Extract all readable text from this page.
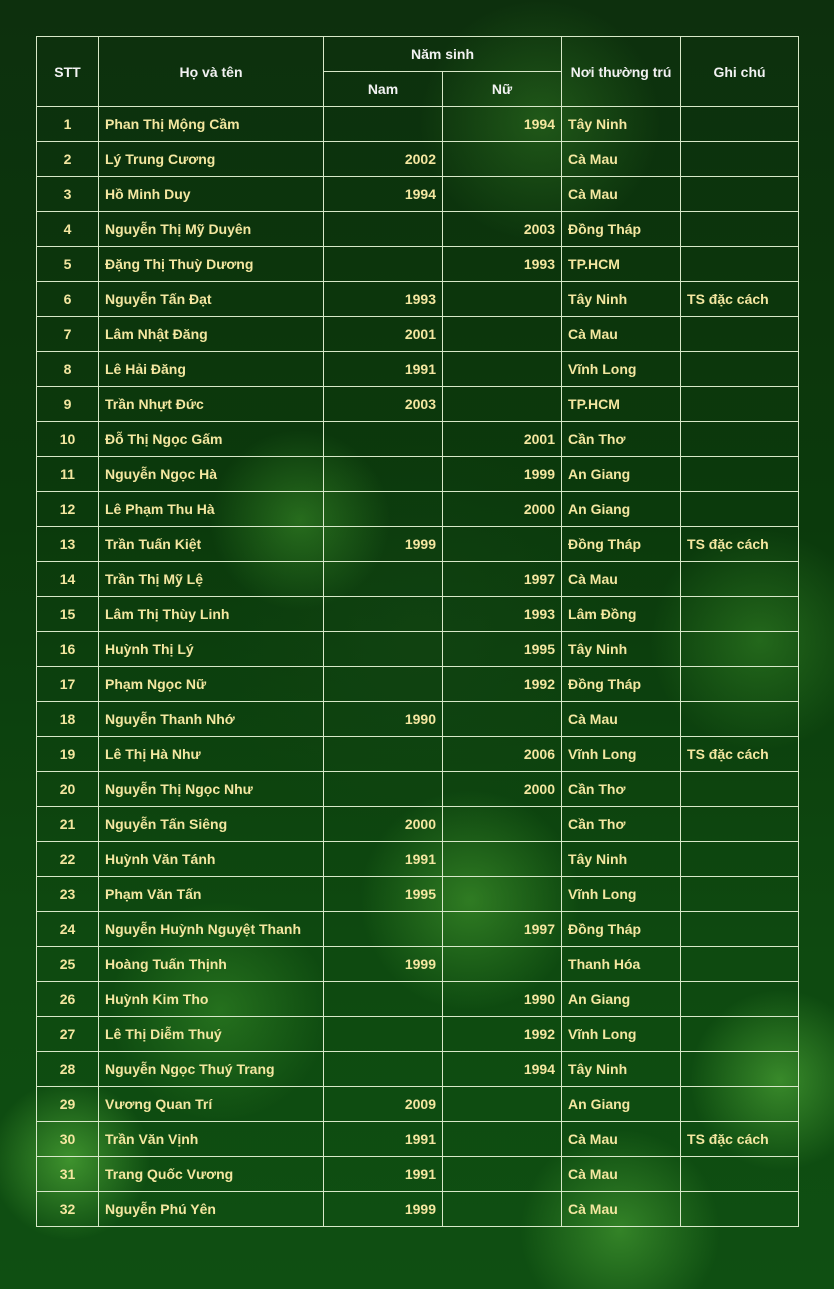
STT	Họ và tên	Năm sinh		Nơi thường trú	Ghi chú
		Nam	Nữ		
1	Phan Thị Mộng Cầm		1994	Tây Ninh	
2	Lý Trung Cương	2002		Cà Mau	
3	Hồ Minh Duy	1994		Cà Mau	
4	Nguyễn Thị Mỹ Duyên		2003	Đồng Tháp	
5	Đặng Thị Thuỳ Dương		1993	TP.HCM	
6	Nguyễn Tấn Đạt	1993		Tây Ninh	TS đặc cách
7	Lâm Nhật Đăng	2001		Cà Mau	
8	Lê Hải Đăng	1991		Vĩnh Long	
9	Trần Nhựt Đức	2003		TP.HCM	
10	Đỗ Thị Ngọc Gấm		2001	Cần Thơ	
11	Nguyễn Ngọc Hà		1999	An Giang	
12	Lê Phạm Thu Hà		2000	An Giang	
13	Trần Tuấn Kiệt	1999		Đồng Tháp	TS đặc cách
14	Trần Thị Mỹ Lệ		1997	Cà Mau	
15	Lâm Thị Thùy Linh		1993	Lâm Đồng	
16	Huỳnh Thị Lý		1995	Tây Ninh	
17	Phạm Ngọc Nữ		1992	Đồng Tháp	
18	Nguyễn Thanh Nhớ	1990		Cà Mau	
19	Lê Thị Hà Như		2006	Vĩnh Long	TS đặc cách
20	Nguyễn Thị Ngọc Như		2000	Cần Thơ	
21	Nguyễn Tấn Siêng	2000		Cần Thơ	
22	Huỳnh Văn Tánh	1991		Tây Ninh	
23	Phạm Văn Tấn	1995		Vĩnh Long	
24	Nguyễn Huỳnh Nguyệt Thanh		1997	Đồng Tháp	
25	Hoàng Tuấn Thịnh	1999		Thanh Hóa	
26	Huỳnh Kim Tho		1990	An Giang	
27	Lê Thị Diễm Thuý		1992	Vĩnh Long	
28	Nguyễn Ngọc Thuý Trang		1994	Tây Ninh	
29	Vương Quan Trí	2009		An Giang	
30	Trần Văn Vịnh	1991		Cà Mau	TS đặc cách
31	Trang Quốc Vương	1991		Cà Mau	
32	Nguyễn Phú Yên	1999		Cà Mau	
